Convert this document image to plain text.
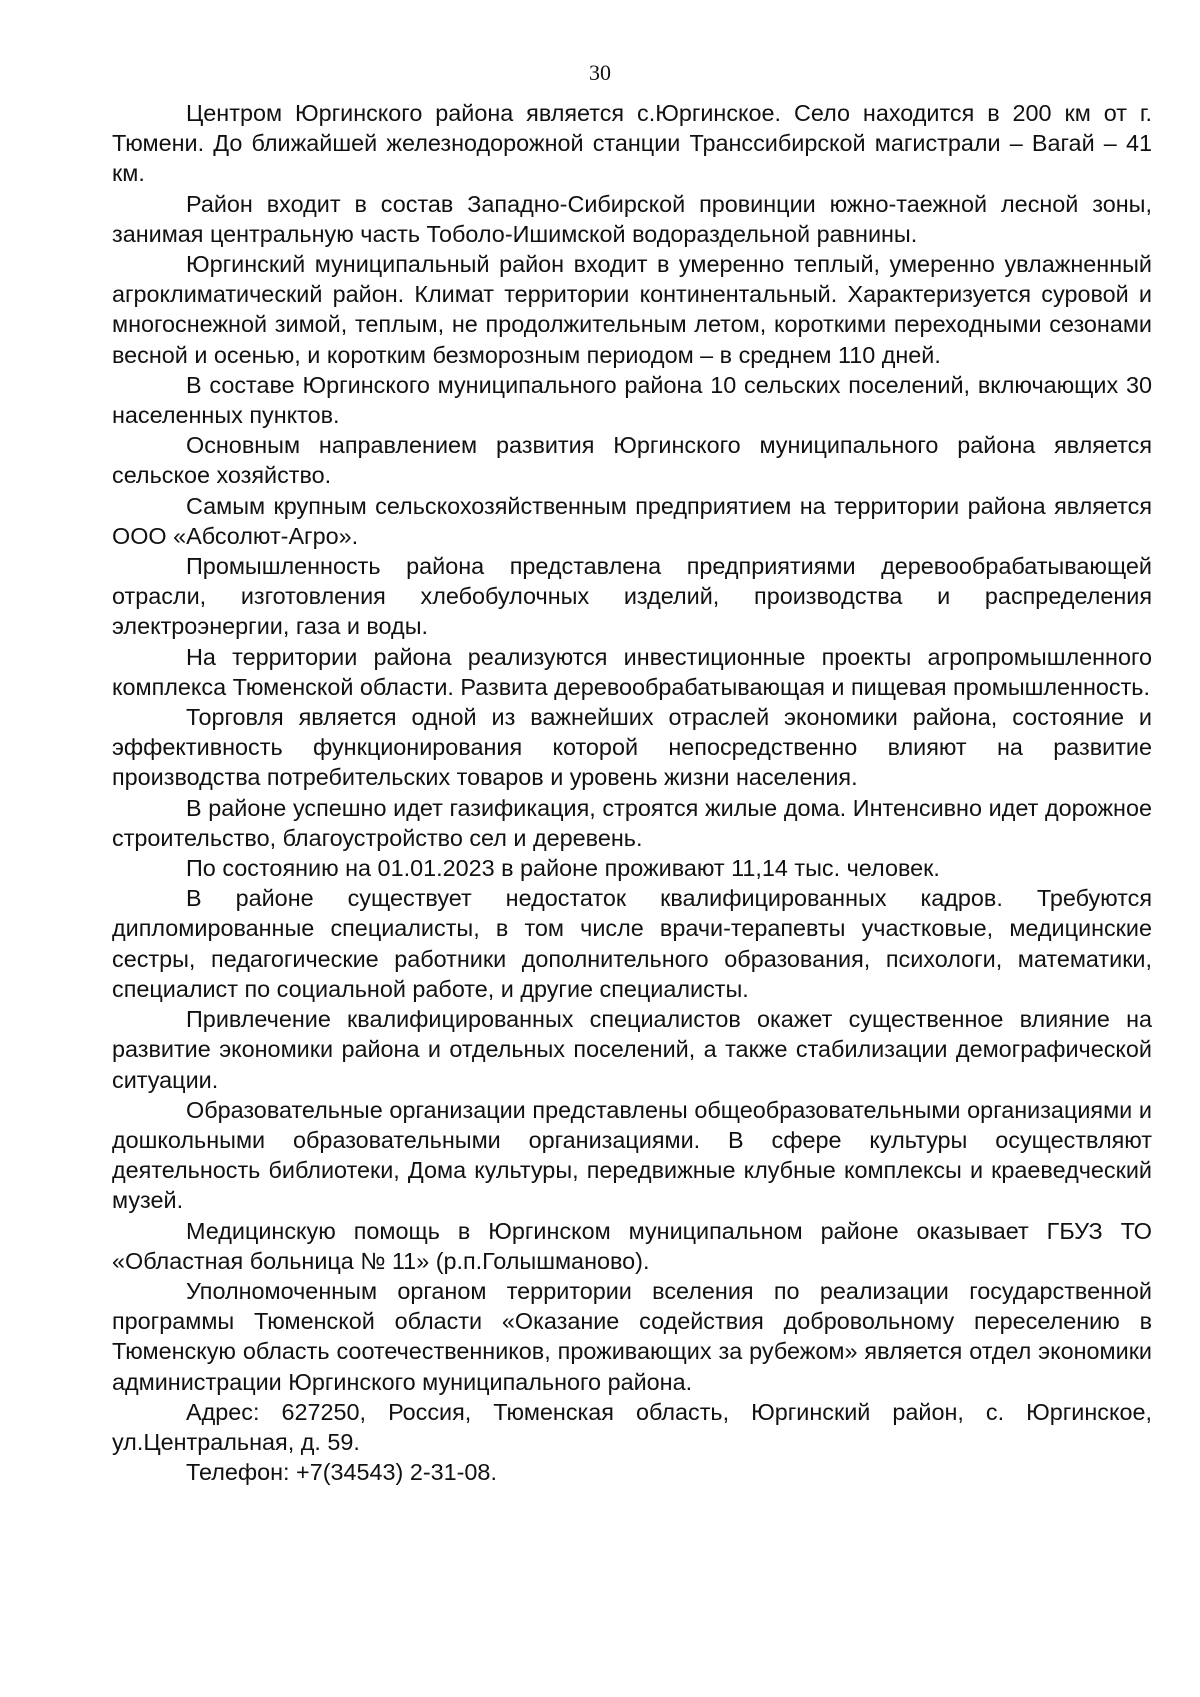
30

Центром Юргинского района является с.Юргинское. Село находится в 200 км от г. Тюмени. До ближайшей железнодорожной станции Транссибирской магистрали – Вагай – 41 км.

Район входит в состав Западно-Сибирской провинции южно-таежной лесной зоны, занимая центральную часть Тоболо-Ишимской водораздельной равнины.

Юргинский муниципальный район входит в умеренно теплый, умеренно увлажненный агроклиматический район. Климат территории континентальный. Характеризуется суровой и многоснежной зимой, теплым, не продолжительным летом, короткими переходными сезонами весной и осенью, и коротким безморозным периодом – в среднем 110 дней.

В составе Юргинского муниципального района 10 сельских поселений, включающих 30 населенных пунктов.

Основным направлением развития Юргинского муниципального района является сельское хозяйство.

Самым крупным сельскохозяйственным предприятием на территории района является ООО «Абсолют-Агро».

Промышленность района представлена предприятиями деревообрабатывающей отрасли, изготовления хлебобулочных изделий, производства и распределения электроэнергии, газа и воды.

На территории района реализуются инвестиционные проекты агропромышленного комплекса Тюменской области. Развита деревообрабатывающая и пищевая промышленность.

Торговля является одной из важнейших отраслей экономики района, состояние и эффективность функционирования которой непосредственно влияют на развитие производства потребительских товаров и уровень жизни населения.

В районе успешно идет газификация, строятся жилые дома. Интенсивно идет дорожное строительство, благоустройство сел и деревень.

По состоянию на 01.01.2023 в районе проживают 11,14 тыс. человек.

В районе существует недостаток квалифицированных кадров. Требуются дипломированные специалисты, в том числе врачи-терапевты участковые, медицинские сестры, педагогические работники дополнительного образования, психологи, математики, специалист по социальной работе, и другие специалисты.

Привлечение квалифицированных специалистов окажет существенное влияние на развитие экономики района и отдельных поселений, а также стабилизации демографической ситуации.

Образовательные организации представлены общеобразовательными организациями и дошкольными образовательными организациями. В сфере культуры осуществляют деятельность библиотеки, Дома культуры, передвижные клубные комплексы и краеведческий музей.

Медицинскую помощь в Юргинском муниципальном районе оказывает ГБУЗ ТО «Областная больница № 11» (р.п.Голышманово).

Уполномоченным органом территории вселения по реализации государственной программы Тюменской области «Оказание содействия добровольному переселению в Тюменскую область соотечественников, проживающих за рубежом» является отдел экономики администрации Юргинского муниципального района.

Адрес: 627250, Россия, Тюменская область, Юргинский район, с. Юргинское, ул.Центральная, д. 59.

Телефон: +7(34543) 2-31-08.
